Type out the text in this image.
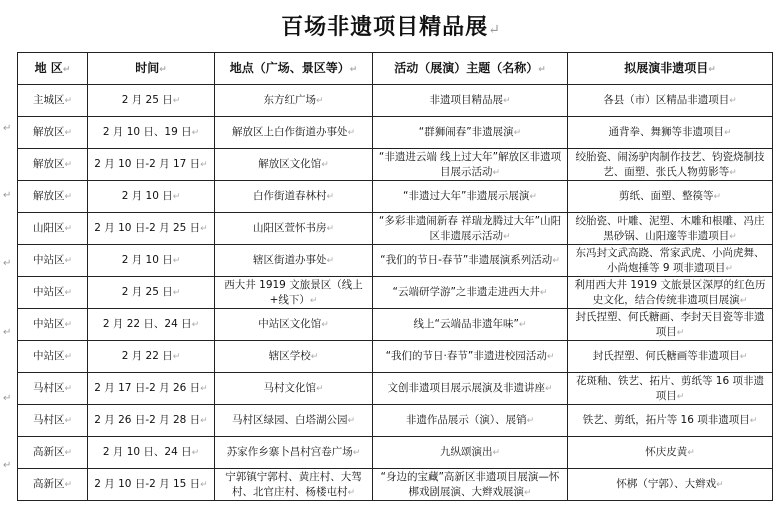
百场非遗项目精品展↵
地 区↵	时间↵	地点（广场、景区等）↵	活动（展演）主题（名称）↵	拟展演非遗项目↵
主城区↵	2 月 25 日↵	东方红广场↵	非遗项目精品展↵	各县（市）区精品非遗项目↵
解放区↵	2 月 10 日、19 日↵	解放区上白作街道办事处↵	“群狮闹春”非遗展演↵	通背拳、舞狮等非遗项目↵
解放区↵	2 月 10 日-2 月 17 日↵	解放区文化馆↵	“非遗进云端 线上过大年”解放区非遗项目展示活动↵	绞胎瓷、闹汤驴肉制作技艺、钧瓷烧制技艺、面塑、张氏人物剪影等↵
解放区↵	2 月 10 日↵	白作街道春林村↵	“非遗过大年”非遗展示展演↵	剪纸、面塑、整篌等↵
山阳区↵	2 月 10 日-2 月 25 日↵	山阳区萱怀书房↵	“多彩非遗闹新春 祥瑞龙腾过大年”山阳区非遗展示活动↵	绞胎瓷、叶雕、泥塑、木雕和根雕、冯庄黑砂锅、山阳邃等非遗项目↵
中站区↵	2 月 10 日↵	辖区街道办事处↵	“我们的节日-春节”非遗展演系列活动↵	东冯封文武高跷、常家武虎、小尚虎舞、小尚炮捶等 9 项非遗项目↵
中站区↵	2 月 25 日↵	西大井 1919 文旅景区（线上+线下）↵	“云端研学游”之非遗走进西大井↵	利用西大井 1919 文旅景区深厚的红色历史文化，结合传统非遗项目展演↵
中站区↵	2 月 22 日、24 日↵	中站区文化馆↵	线上“云端品非遗年味”↵	封氏捏塑、何氏糖画、李封天目瓷等非遗项目↵
中站区↵	2 月 22 日↵	辖区学校↵	“我们的节日·春节”非遗进校园活动↵	封氏捏塑、何氏糖画等非遗项目↵
马村区↵	2 月 17 日-2 月 26 日↵	马村文化馆↵	文创非遗项目展示展演及非遗讲座↵	花斑釉、铁艺、拓片、剪纸等 16 项非遗项目↵
马村区↵	2 月 26 日-2 月 28 日↵	马村区绿园、白塔湖公园↵	非遗作品展示（演）、展销↵	铁艺、剪纸，拓片等 16 项非遗项目↵
高新区↵	2 月 10 日、24 日↵	苏家作乡寨卜昌村宫卷广场↵	九纵颂演出↵	怀庆皮黄↵
高新区↵	2 月 10 日-2 月 15 日↵	宁郭镇宁郭村、黄庄村、大驾村、北官庄村、杨楼屯村↵	“身边的宝藏”高新区非遗项目展演—怀梆戏剧展演、大辫戏展演↵	怀梆（宁郭）、大辫戏↵
↵
↵
↵
↵
↵
↵
